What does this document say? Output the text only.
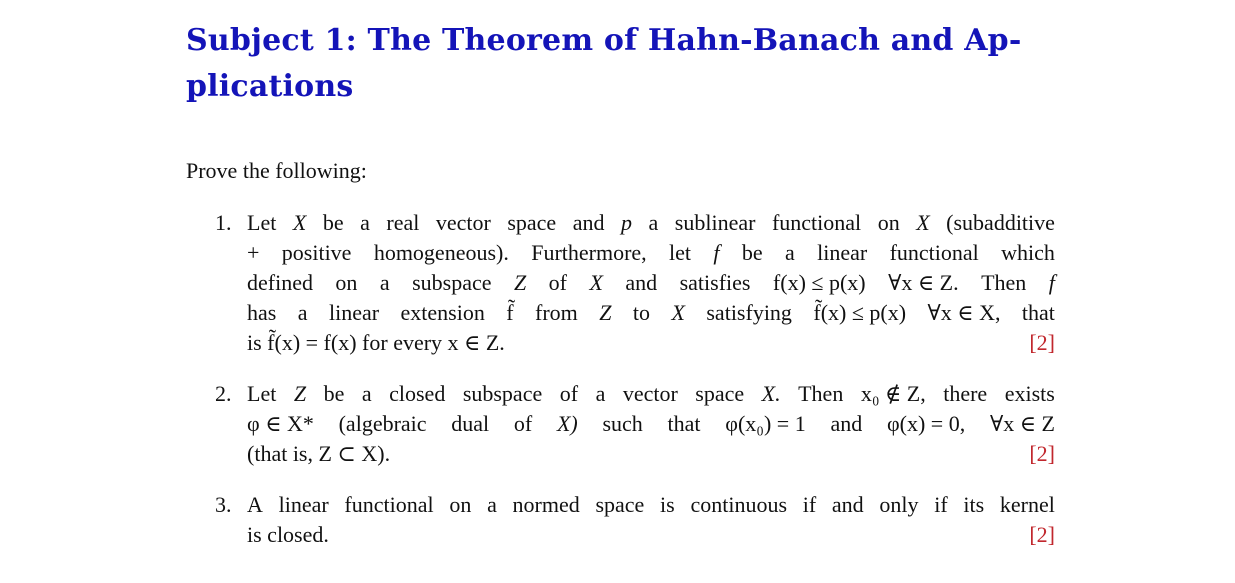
Subject 1: The Theorem of Hahn-Banach and Ap-
plications

Prove the following:

1. Let X be a real vector space and p a sublinear functional on X (subadditive
+ positive homogeneous). Furthermore, let f be a linear functional which
defined on a subspace Z of X and satisfies f(x) ≤ p(x) ∀x ∈ Z. Then f
has a linear extension f̃ from Z to X satisfying f̃(x) ≤ p(x) ∀x ∈ X, that
is f̃(x) = f(x) for every x ∈ Z.	[2]
2. Let Z be a closed subspace of a vector space X. Then x₀ ∉ Z, there exists
φ ∈ X* (algebraic dual of X) such that φ(x₀) = 1 and φ(x) = 0, ∀x ∈ Z
(that is, Z ⊂ X).	[2]
3. A linear functional on a normed space is continuous if and only if its kernel
is closed.	[2]
